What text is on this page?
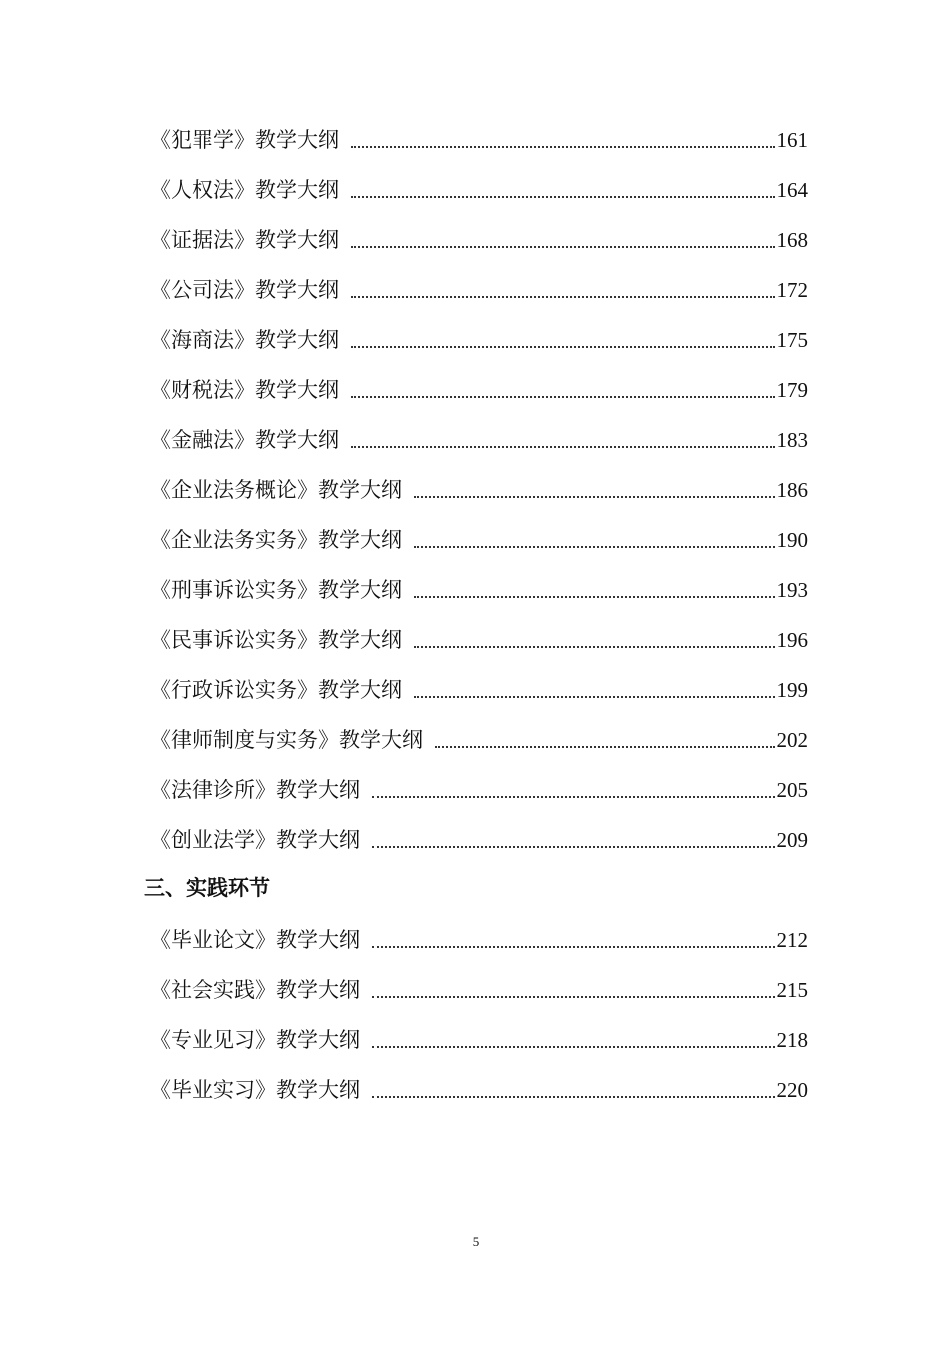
《犯罪学》教学大纲	161
《人权法》教学大纲	164
《证据法》教学大纲	168
《公司法》教学大纲	172
《海商法》教学大纲	175
《财税法》教学大纲	179
《金融法》教学大纲	183
《企业法务概论》教学大纲	186
《企业法务实务》教学大纲	190
《刑事诉讼实务》教学大纲	193
《民事诉讼实务》教学大纲	196
《行政诉讼实务》教学大纲	199
《律师制度与实务》教学大纲	202
《法律诊所》教学大纲	205
《创业法学》教学大纲	209
三、实践环节
《毕业论文》教学大纲	212
《社会实践》教学大纲	215
《专业见习》教学大纲	218
《毕业实习》教学大纲	220
5
